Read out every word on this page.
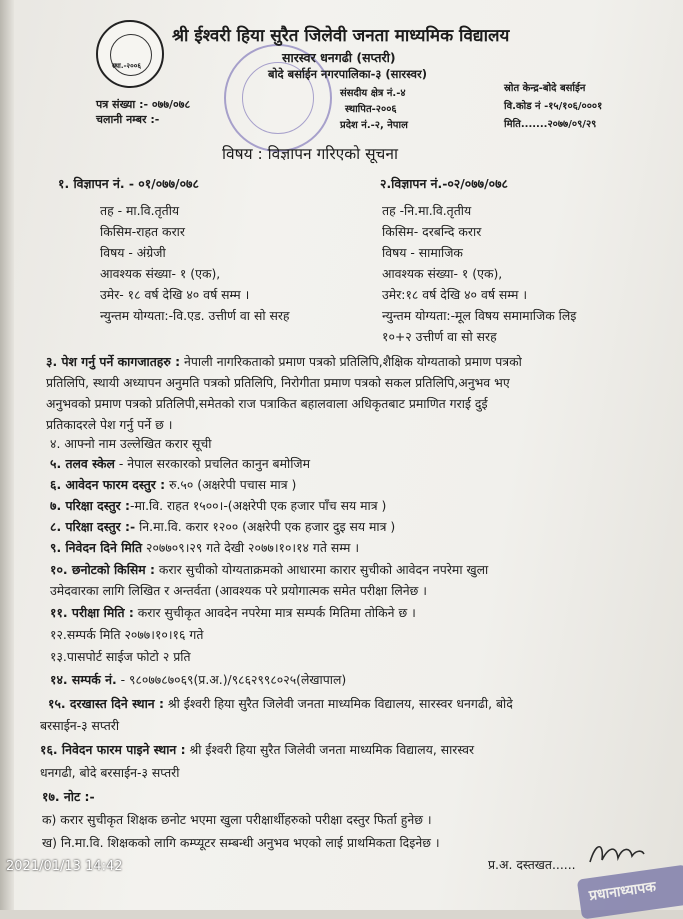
स्था.-२००६
श्री ईश्वरी हिया सुरैत जिलेवी जनता माध्यमिक विद्यालय
सारस्वर धनगढी (सप्तरी)
बोदे बर्साईन नगरपालिका-३ (सारस्वर)
संसदीय क्षेत्र नं.-४
स्थापित-२००६
प्रदेश नं.-२, नेपाल
स्रोत केन्द्र-बोदे बर्साईन
वि.कोड नं -१५/१०६/०००१
मिति.......२०७७/०९/२९
पत्र संख्या :- ०७७/०७८
चलानी नम्बर :-
विषय : विज्ञापन गरिएको सूचना
१. विज्ञापन नं. - ०१/०७७/०७८
तह - मा.वि.तृतीय
किसिम-राहत करार
विषय - अंग्रेजी
आवश्यक संख्या- १ (एक),
उमेर- १८ वर्ष देखि ४० वर्ष सम्म ।
न्युन्तम योग्यता:-वि.एड. उत्तीर्ण वा सो सरह
२.विज्ञापन नं.-०२/०७७/०७८
तह -नि.मा.वि.तृतीय
किसिम- दरबन्दि करार
विषय - सामाजिक
आवश्यक संख्या- १ (एक),
उमेर:१८ वर्ष देखि ४० वर्ष सम्म ।
न्युन्तम योग्यता:-मूल विषय समामाजिक लिइ
१०+२ उत्तीर्ण वा सो सरह
३. पेश गर्नु पर्ने कागजातहरु : नेपाली नागरिकताको प्रमाण पत्रको प्रतिलिपि,शैक्षिक योग्यताको प्रमाण पत्रको
प्रतिलिपि, स्थायी अध्यापन अनुमति पत्रको प्रतिलिपि, निरोगीता प्रमाण पत्रको सकल प्रतिलिपि,अनुभव भए
अनुभवको प्रमाण पत्रको प्रतिलिपी,समेतको राज पत्राकित बहालवाला अधिकृतबाट प्रमाणित गराई दुई
प्रतिकादरले पेश गर्नु पर्ने छ ।
४. आफ्नो नाम उल्लेखित करार सूची
५. तलव स्केल - नेपाल सरकारको प्रचलित कानुन बमोजिम
६. आवेदन फारम दस्तुर : रु.५० (अक्षरेपी पचास मात्र )
७. परिक्षा दस्तुर :-मा.वि. राहत १५००।-(अक्षरेपी एक हजार पाँच सय मात्र )
८. परिक्षा दस्तुर :- नि.मा.वि. करार १२०० (अक्षरेपी एक हजार दुइ सय मात्र )
९. निवेदन दिने मिति २०७७०९।२९ गते देखी २०७७।१०।१४ गते सम्म ।
१०. छनोटको किसिम : करार सुचीको योग्यताक्रमको आधारमा कारार सुचीको आवेदन नपरेमा खुला
उमेदवारका लागि लिखित र अन्तर्वता (आवश्यक परे प्रयोगात्मक समेत परीक्षा लिनेछ ।
११. परीक्षा मिति : करार सुचीकृत आवदेन नपरेमा मात्र सम्पर्क मितिमा तोकिने छ ।
१२.सम्पर्क मिति २०७७।१०।१६ गते
१३.पासपोर्ट साईज फोटो २ प्रति
१४. सम्पर्क नं. - ९८०७७८७०६९(प्र.अ.)/९८६२९९८०२५(लेखापाल)
१५. दरखास्त दिने स्थान : श्री ईश्वरी हिया सुरैत जिलेवी जनता माध्यमिक विद्यालय, सारस्वर धनगढी, बोदे
बरसाईन-३ सप्तरी
१६. निवेदन फारम पाइने स्थान : श्री ईश्वरी हिया सुरैत जिलेवी जनता माध्यमिक विद्यालय, सारस्वर
धनगढी, बोदे बरसाईन-३ सप्तरी
१७. नोट :-
क) करार सुचीकृत शिक्षक छनोट भएमा खुला परीक्षार्थीहरुको परीक्षा दस्तुर फिर्ता हुनेछ ।
ख) नि.मा.वि. शिक्षकको लागि कम्प्यूटर सम्बन्धी अनुभव भएको लाई प्राथमिकता दिइनेछ ।
प्र.अ. दस्तखत......
प्रधानाध्यापक
2021/01/13 14:42
